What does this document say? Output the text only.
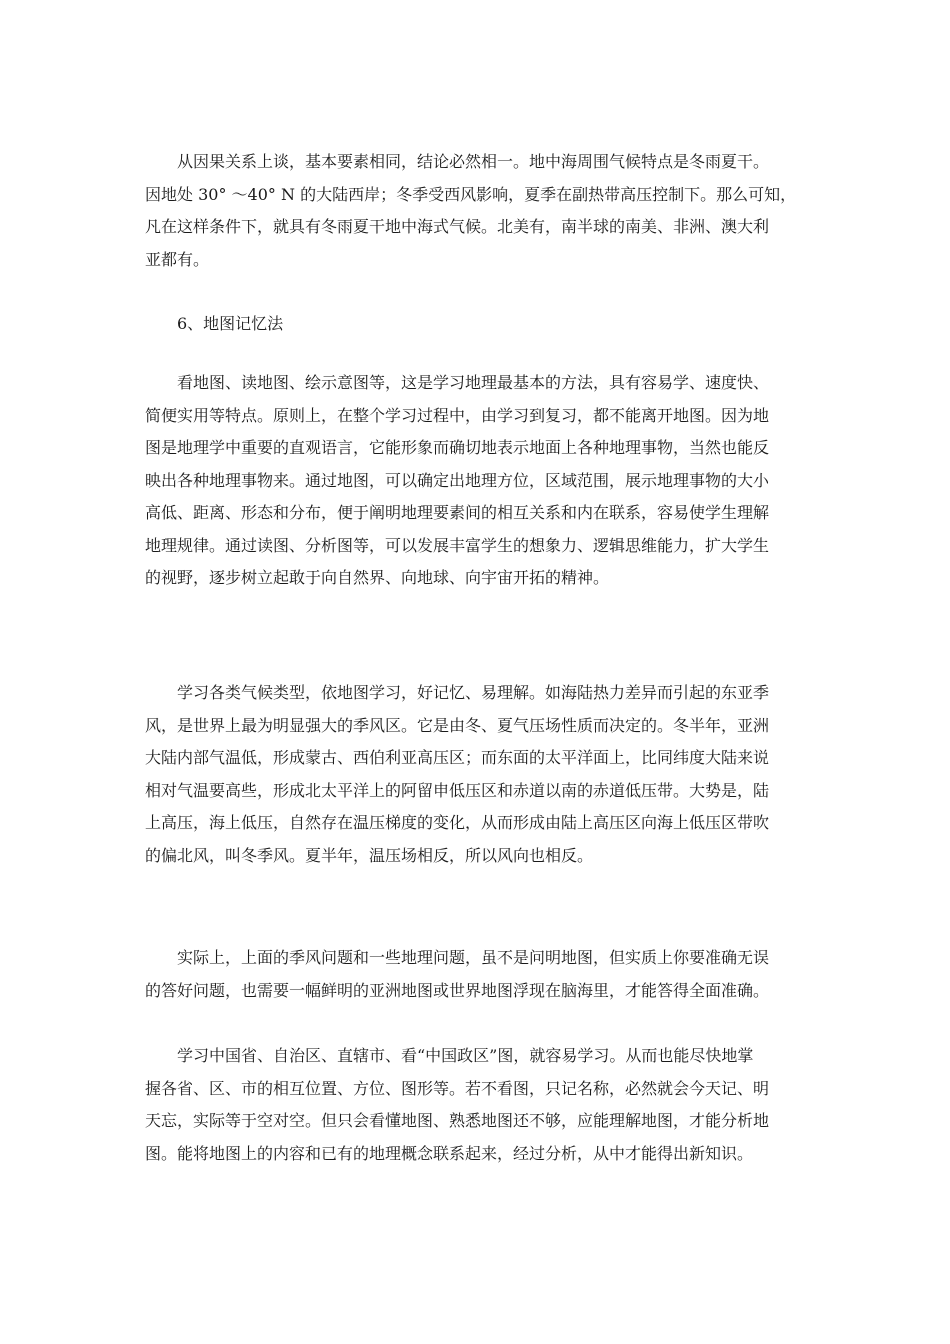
从因果关系上谈，基本要素相同，结论必然相一。地中海周围气候特点是冬雨夏干。
因地处 30° ～40° N 的大陆西岸；冬季受西风影响，夏季在副热带高压控制下。那么可知，
凡在这样条件下，就具有冬雨夏干地中海式气候。北美有，南半球的南美、非洲、澳大利
亚都有。
6、地图记忆法
看地图、读地图、绘示意图等，这是学习地理最基本的方法，具有容易学、速度快、
简便实用等特点。原则上，在整个学习过程中，由学习到复习，都不能离开地图。因为地
图是地理学中重要的直观语言，它能形象而确切地表示地面上各种地理事物，当然也能反
映出各种地理事物来。通过地图，可以确定出地理方位，区域范围，展示地理事物的大小
高低、距离、形态和分布，便于阐明地理要素间的相互关系和内在联系，容易使学生理解
地理规律。通过读图、分析图等，可以发展丰富学生的想象力、逻辑思维能力，扩大学生
的视野，逐步树立起敢于向自然界、向地球、向宇宙开拓的精神。
学习各类气候类型，依地图学习，好记忆、易理解。如海陆热力差异而引起的东亚季
风，是世界上最为明显强大的季风区。它是由冬、夏气压场性质而决定的。冬半年，亚洲
大陆内部气温低，形成蒙古、西伯利亚高压区；而东面的太平洋面上，比同纬度大陆来说
相对气温要高些，形成北太平洋上的阿留申低压区和赤道以南的赤道低压带。大势是，陆
上高压，海上低压，自然存在温压梯度的变化，从而形成由陆上高压区向海上低压区带吹
的偏北风，叫冬季风。夏半年，温压场相反，所以风向也相反。
实际上，上面的季风问题和一些地理问题，虽不是问明地图，但实质上你要准确无误
的答好问题，也需要一幅鲜明的亚洲地图或世界地图浮现在脑海里，才能答得全面准确。
学习中国省、自治区、直辖市、看“中国政区”图，就容易学习。从而也能尽快地掌
握各省、区、市的相互位置、方位、图形等。若不看图，只记名称，必然就会今天记、明
天忘，实际等于空对空。但只会看懂地图、熟悉地图还不够，应能理解地图，才能分析地
图。能将地图上的内容和已有的地理概念联系起来，经过分析，从中才能得出新知识。
